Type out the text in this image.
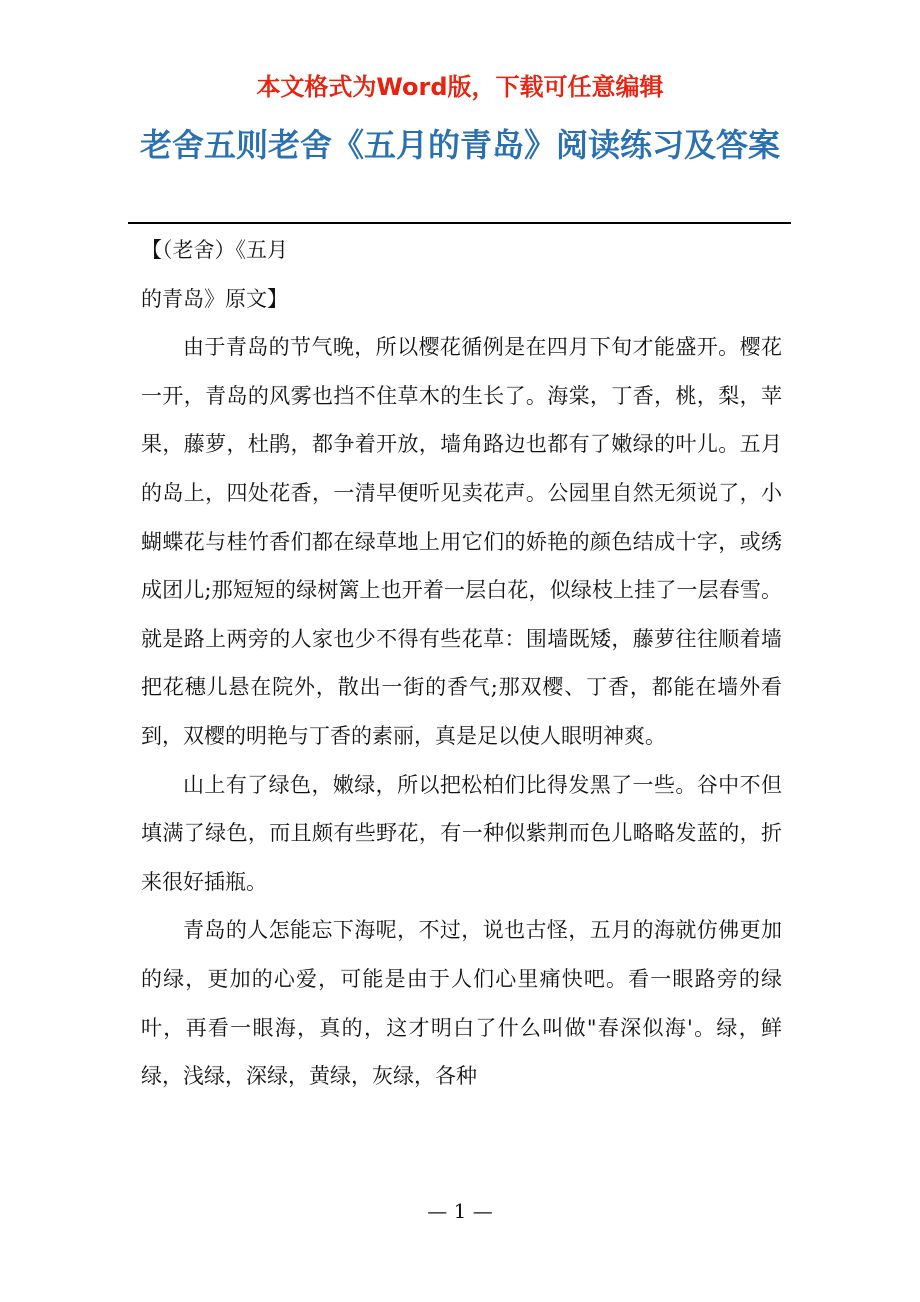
本文格式为Word版，下载可任意编辑
老舍五则老舍《五月的青岛》阅读练习及答案

【（老舍）《五月

的青岛》原文】

由于青岛的节气晚，所以樱花循例是在四月下旬才能盛开。樱花一开，青岛的风雾也挡不住草木的生长了。海棠，丁香，桃，梨，苹果，藤萝，杜鹃，都争着开放，墙角路边也都有了嫩绿的叶儿。五月的岛上，四处花香，一清早便听见卖花声。公园里自然无须说了，小蝴蝶花与桂竹香们都在绿草地上用它们的娇艳的颜色结成十字，或绣成团儿;那短短的绿树篱上也开着一层白花，似绿枝上挂了一层春雪。就是路上两旁的人家也少不得有些花草：围墙既矮，藤萝往往顺着墙把花穗儿悬在院外，散出一街的香气;那双樱、丁香，都能在墙外看到，双樱的明艳与丁香的素丽，真是足以使人眼明神爽。

山上有了绿色，嫩绿，所以把松柏们比得发黑了一些。谷中不但填满了绿色，而且颇有些野花，有一种似紫荆而色儿略略发蓝的，折来很好插瓶。

青岛的人怎能忘下海呢，不过，说也古怪，五月的海就仿佛更加的绿，更加的心爱，可能是由于人们心里痛快吧。看一眼路旁的绿叶，再看一眼海，真的，这才明白了什么叫做"春深似海'。绿，鲜绿，浅绿，深绿，黄绿，灰绿，各种

— 1 —
